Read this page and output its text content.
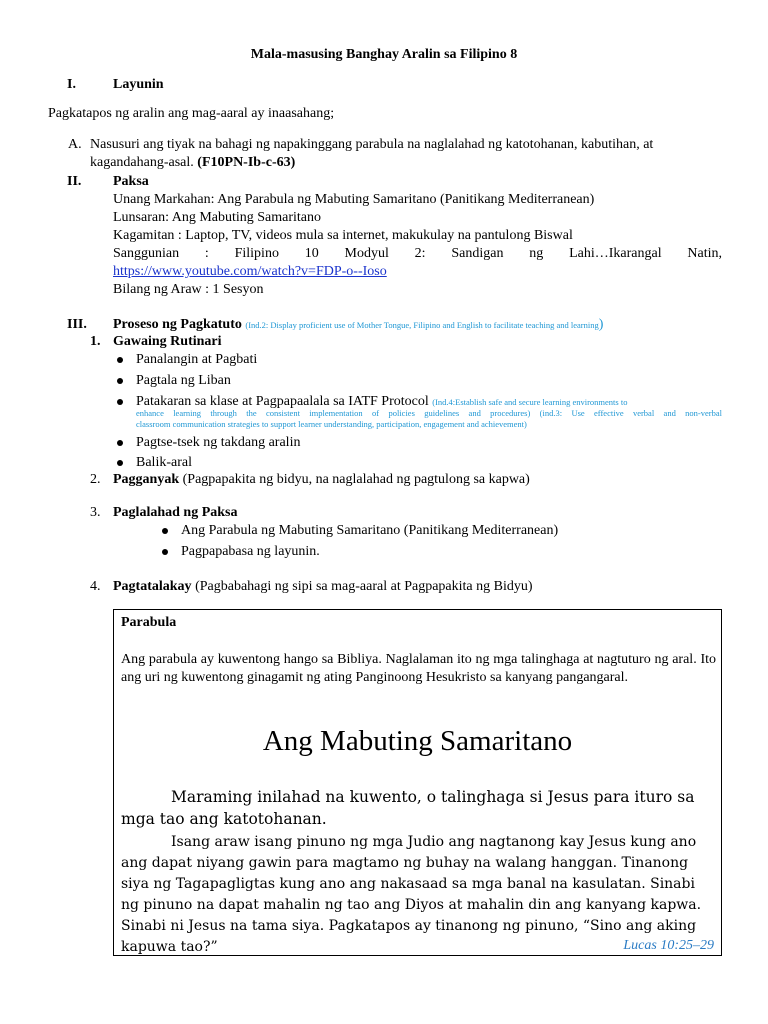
Mala-masusing Banghay Aralin sa Filipino 8
I.	Layunin
Pagkatapos ng aralin ang mag-aaral ay inaasahang;
A. Nasusuri ang tiyak na bahagi ng napakinggang parabula na naglalahad ng katotohanan, kabutihan, at
kagandahang-asal. (F10PN-Ib-c-63)
II. Paksa
Unang Markahan: Ang Parabula ng Mabuting Samaritano (Panitikang Mediterranean)
Lunsaran: Ang Mabuting Samaritano
Kagamitan : Laptop, TV, videos mula sa internet, makukulay na pantulong Biswal
Sanggunian : Filipino 10 Modyul 2: Sandigan ng Lahi…Ikarangal Natin,
https://www.youtube.com/watch?v=FDP-o--Ioso
Bilang ng Araw : 1 Sesyon
III. Proseso ng Pagkatuto (Ind.2: Display proficient use of Mother Tongue, Filipino and English to facilitate teaching and learning)
1. Gawaing Rutinari
Panalangin at Pagbati
Pagtala ng Liban
Patakaran sa klase at Pagpapaalala sa IATF Protocol (Ind.4:Establish safe and secure learning environments to
enhance learning through the consistent implementation of policies guidelines and procedures) (ind.3: Use effective verbal and non-verbal
classroom communication strategies to support learner understanding, participation, engagement and achievement)
Pagtse-tsek ng takdang aralin
Balik-aral
2. Pagganyak (Pagpapakita ng bidyu, na naglalahad ng pagtulong sa kapwa)
3. Paglalahad ng Paksa
Ang Parabula ng Mabuting Samaritano (Panitikang Mediterranean)
Pagpapabasa ng layunin.
4. Pagtatalakay (Pagbabahagi ng sipi sa mag-aaral at Pagpapakita ng Bidyu)
Parabula
Ang parabula ay kuwentong hango sa Bibliya. Naglalaman ito ng mga talinghaga at nagtuturo ng aral. Ito ang uri ng kuwentong ginagamit ng ating Panginoong Hesukristo sa kanyang pangangaral.
Ang Mabuting Samaritano
Maraming inilahad na kuwento, o talinghaga si Jesus para ituro sa mga tao ang katotohanan.
Isang araw isang pinuno ng mga Judio ang nagtanong kay Jesus kung ano ang dapat niyang gawin para magtamo ng buhay na walang hanggan. Tinanong siya ng Tagapagligtas kung ano ang nakasaad sa mga banal na kasulatan. Sinabi ng pinuno na dapat mahalin ng tao ang Diyos at mahalin din ang kanyang kapwa. Sinabi ni Jesus na tama siya. Pagkatapos ay tinanong ng pinuno, “Sino ang aking kapuwa tao?”	Lucas 10:25–29
